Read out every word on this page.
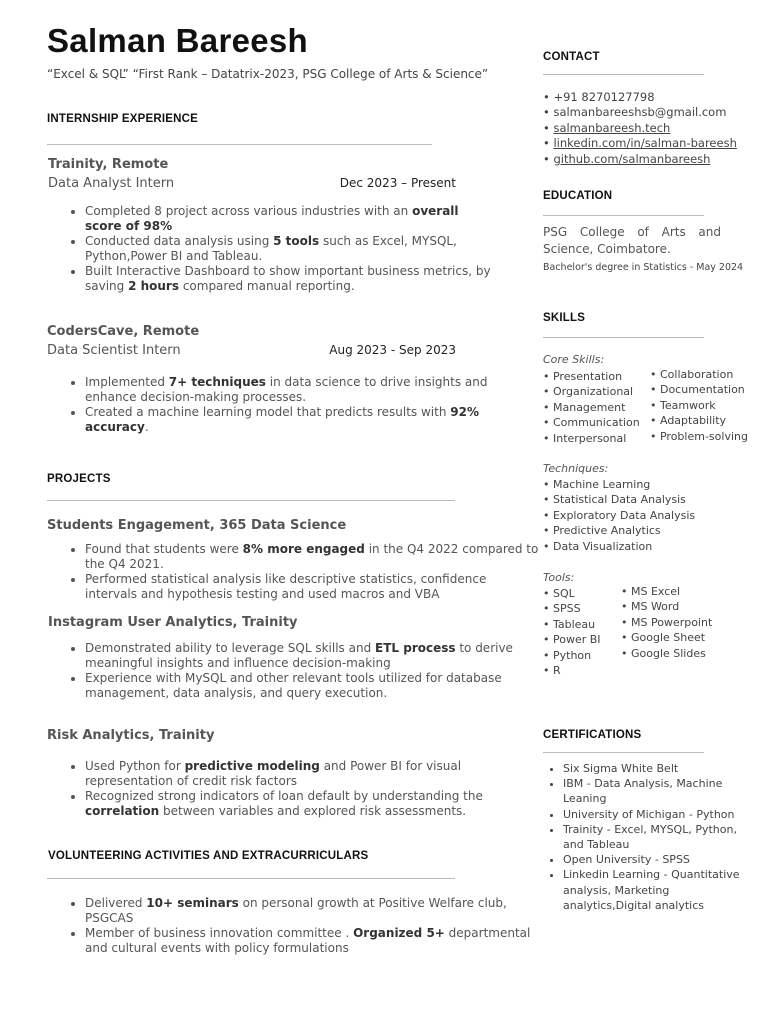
Salman Bareesh
“Excel & SQL” “First Rank – Datatrix-2023, PSG College of Arts & Science”
INTERNSHIP EXPERIENCE
Trainity, Remote
Data Analyst Intern	Dec 2023 – Present
• Completed 8 project across various industries with an overall score of 98%
• Conducted data analysis using 5 tools such as Excel, MYSQL, Python,Power BI and Tableau.
• Built Interactive Dashboard to show important business metrics, by saving 2 hours compared manual reporting.
CodersCave, Remote
Data Scientist Intern	Aug 2023 - Sep 2023
• Implemented 7+ techniques in data science to drive insights and enhance decision-making processes.
• Created a machine learning model that predicts results with 92% accuracy.
PROJECTS
Students Engagement, 365 Data Science
• Found that students were 8% more engaged in the Q4 2022 compared to the Q4 2021.
• Performed statistical analysis like descriptive statistics, confidence intervals and hypothesis testing and used macros and VBA
Instagram User Analytics, Trainity
• Demonstrated ability to leverage SQL skills and ETL process to derive meaningful insights and influence decision-making
• Experience with MySQL and other relevant tools utilized for database management, data analysis, and query execution.
Risk Analytics, Trainity
• Used Python for predictive modeling and Power BI for visual representation of credit risk factors
• Recognized strong indicators of loan default by understanding the correlation between variables and explored risk assessments.
VOLUNTEERING ACTIVITIES AND EXTRACURRICULARS
• Delivered 10+ seminars on personal growth at Positive Welfare club, PSGCAS
• Member of business innovation committee . Organized 5+ departmental and cultural events with policy formulations
CONTACT
• +91 8270127798
• salmanbareeshsb@gmail.com
• salmanbareesh.tech
• linkedin.com/in/salman-bareesh
• github.com/salmanbareesh
EDUCATION
PSG College of Arts and Science, Coimbatore.
Bachelor's degree in Statistics - May 2024
SKILLS
Core Skills:
• Presentation
• Organizational
• Management
• Communication
• Interpersonal
• Collaboration
• Documentation
• Teamwork
• Adaptability
• Problem-solving
Techniques:
• Machine Learning
• Statistical Data Analysis
• Exploratory Data Analysis
• Predictive Analytics
• Data Visualization
Tools:
• SQL
• SPSS
• Tableau
• Power BI
• Python
• R
• MS Excel
• MS Word
• MS Powerpoint
• Google Sheet
• Google Slides
CERTIFICATIONS
• Six Sigma White Belt
• IBM - Data Analysis, Machine Leaning
• University of Michigan - Python
• Trainity - Excel, MYSQL, Python, and Tableau
• Open University - SPSS
• Linkedin Learning - Quantitative analysis, Marketing analytics,Digital analytics
